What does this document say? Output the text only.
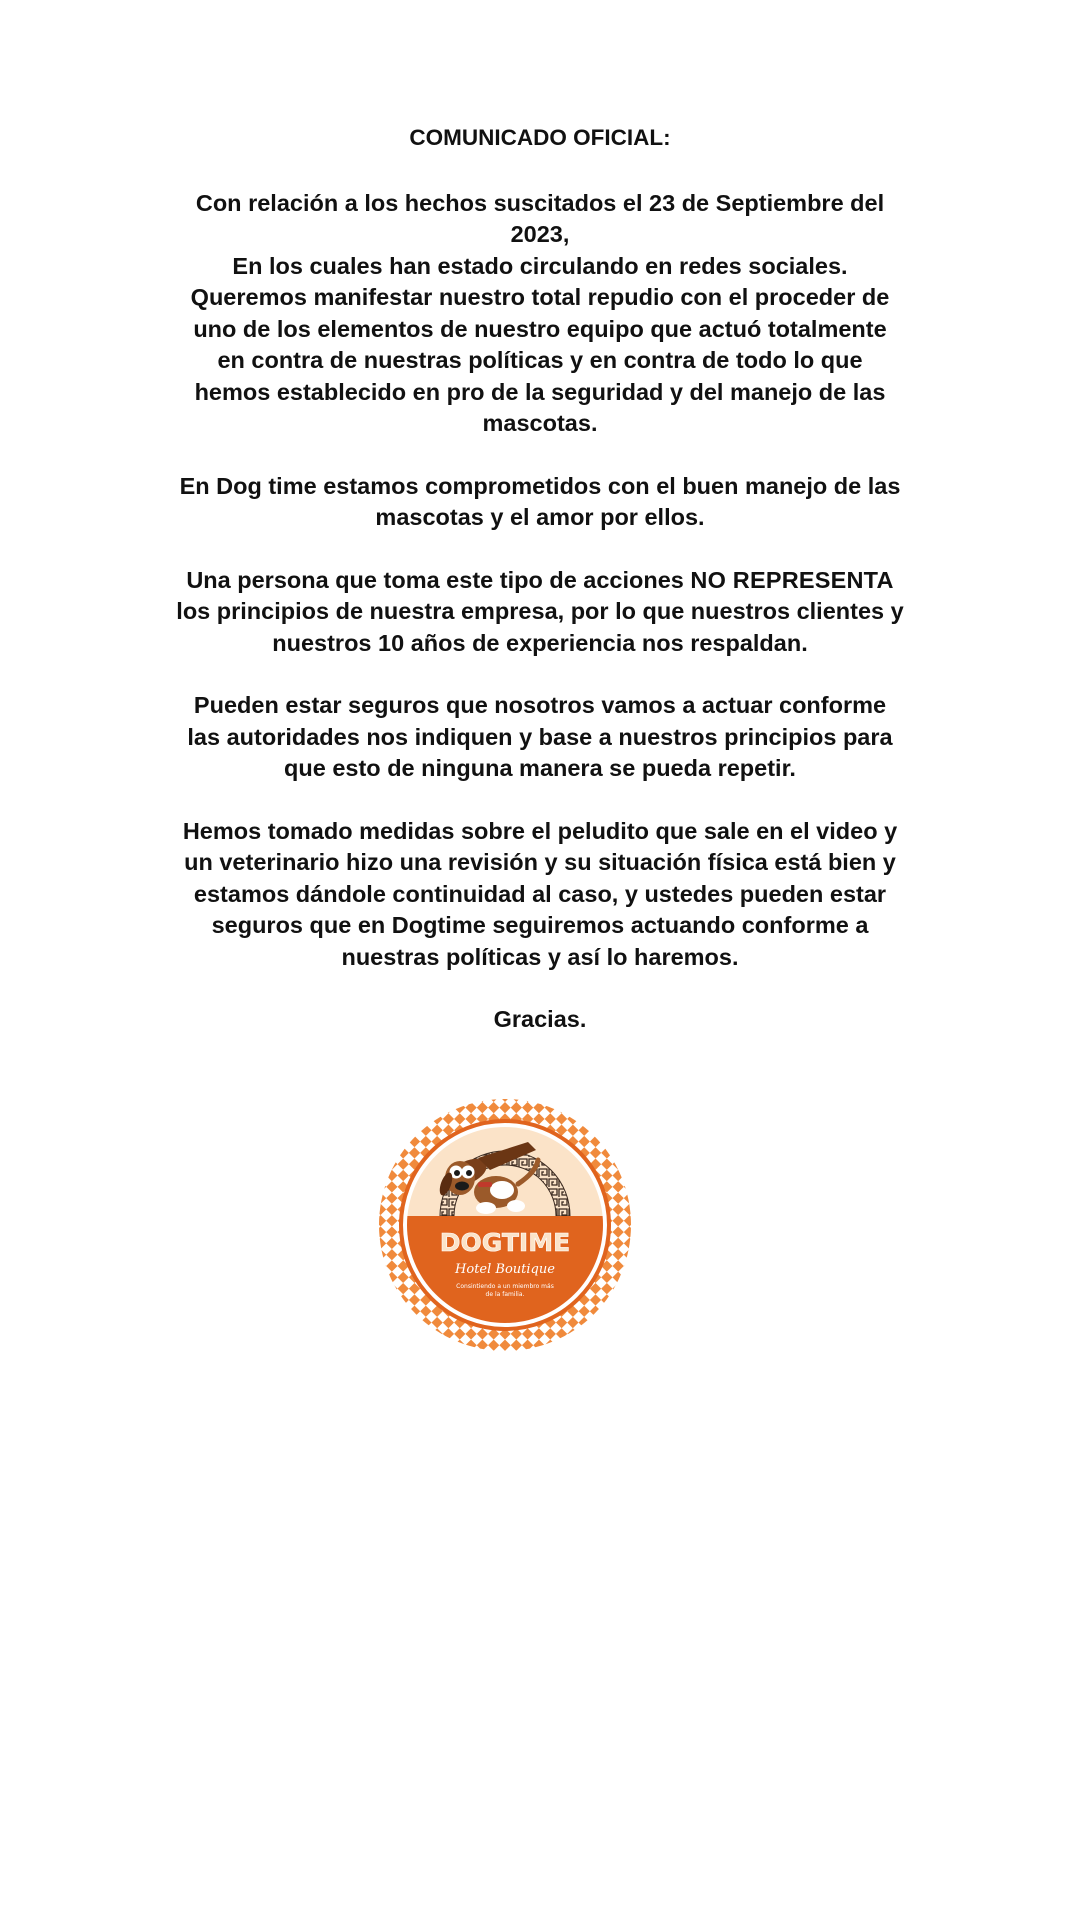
COMUNICADO OFICIAL:
Con relación a los hechos suscitados el 23 de Septiembre del
2023,
En los cuales han estado circulando en redes sociales.
Queremos manifestar nuestro total repudio con el proceder de
uno de los elementos de nuestro equipo que actuó totalmente
en contra de nuestras políticas y en contra de todo lo que
hemos establecido en pro de la seguridad y del manejo de las
mascotas.
En Dog time estamos comprometidos con el buen manejo de las
mascotas y el amor por ellos.
Una persona que toma este tipo de acciones NO REPRESENTA
los principios de nuestra empresa, por lo que nuestros clientes y
nuestros 10 años de experiencia nos respaldan.
Pueden estar seguros que nosotros vamos a actuar conforme
las autoridades nos indiquen y base a nuestros principios para
que esto de ninguna manera se pueda repetir.
Hemos tomado medidas sobre el peludito que sale en el video y
un veterinario hizo una revisión y su situación física está bien y
estamos dándole continuidad al caso, y ustedes pueden estar
seguros que en Dogtime seguiremos actuando conforme a
nuestras políticas y así lo haremos.
Gracias.
DOGTIME
Hotel Boutique
Consintiendo a un miembro más
de la familia.
